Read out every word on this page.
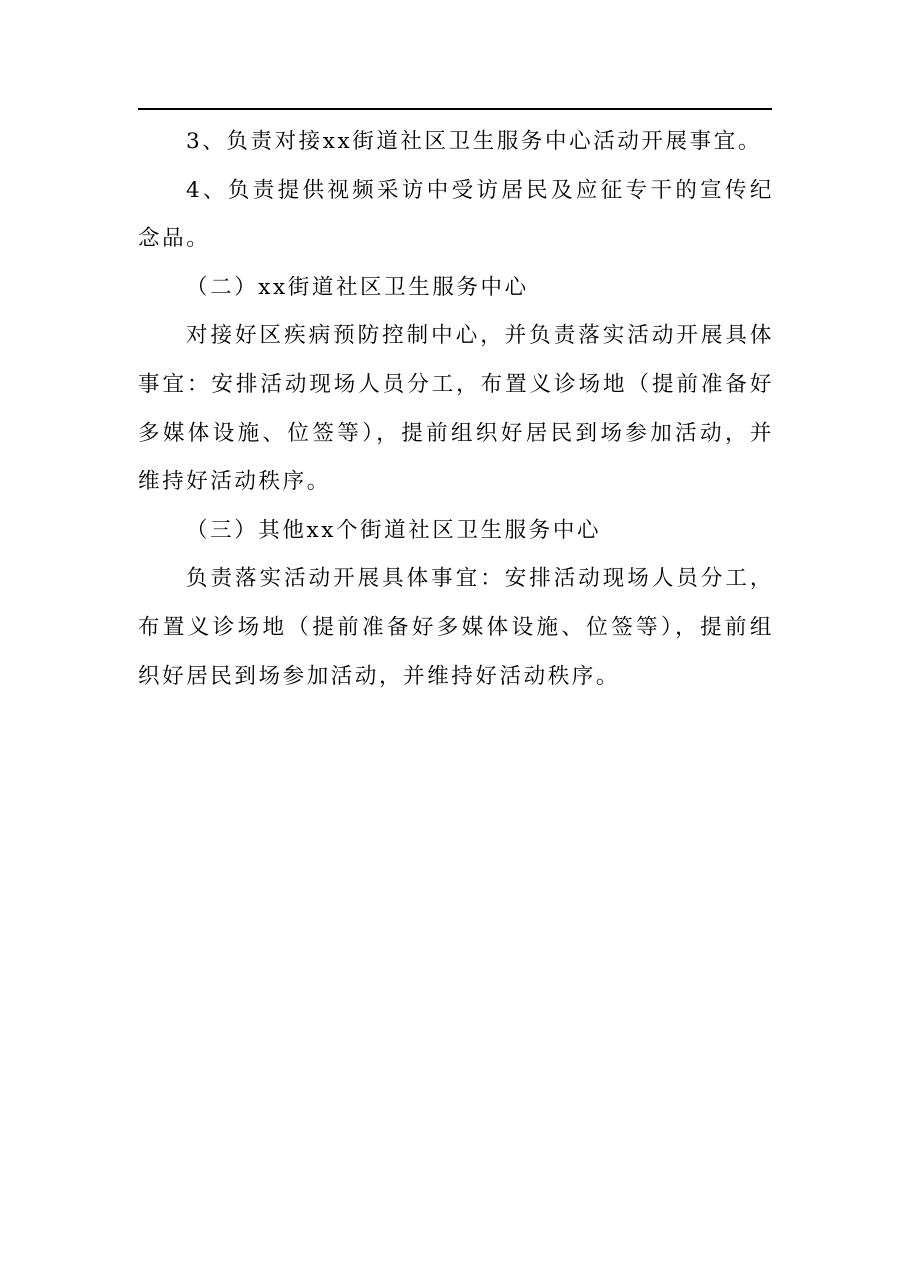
3、负责对接xx街道社区卫生服务中心活动开展事宜。

4、负责提供视频采访中受访居民及应征专干的宣传纪念品。

（二）xx街道社区卫生服务中心

对接好区疾病预防控制中心，并负责落实活动开展具体事宜：安排活动现场人员分工，布置义诊场地（提前准备好多媒体设施、位签等），提前组织好居民到场参加活动，并维持好活动秩序。

（三）其他xx个街道社区卫生服务中心

负责落实活动开展具体事宜：安排活动现场人员分工，布置义诊场地（提前准备好多媒体设施、位签等），提前组织好居民到场参加活动，并维持好活动秩序。
